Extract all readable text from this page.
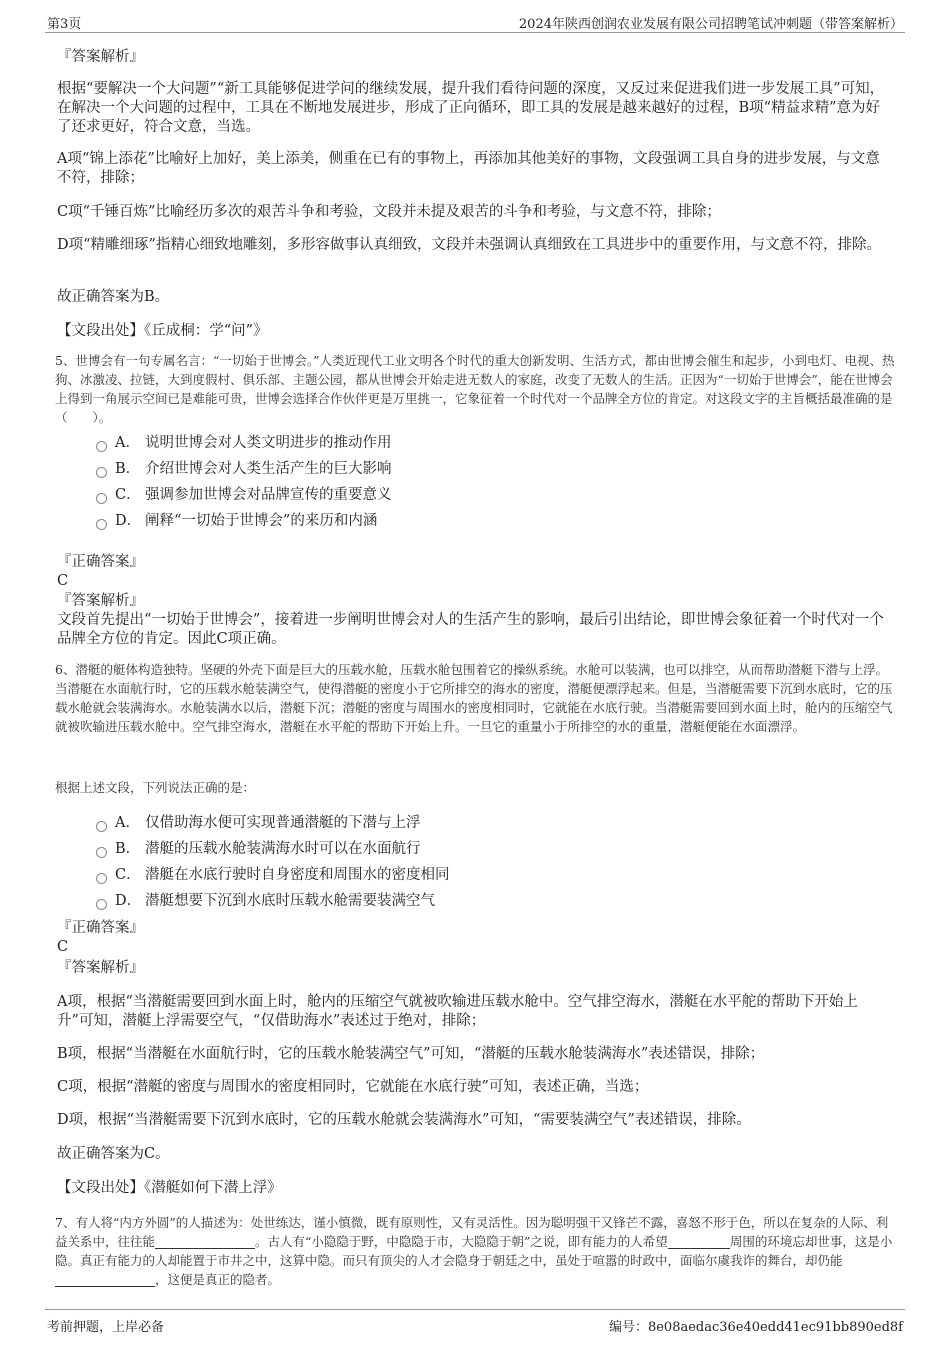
第3页	2024年陕西创润农业发展有限公司招聘笔试冲刺题（带答案解析）
『答案解析』
根据“要解决一个大问题”“新工具能够促进学问的继续发展，提升我们看待问题的深度，又反过来促进我们进一步发展工具”可知，在解决一个大问题的过程中，工具在不断地发展进步，形成了正向循环，即工具的发展是越来越好的过程，B项“精益求精”意为好了还求更好，符合文意，当选。
A项“锦上添花”比喻好上加好，美上添美，侧重在已有的事物上，再添加其他美好的事物，文段强调工具自身的进步发展，与文意不符，排除；
C项“千锤百炼”比喻经历多次的艰苦斗争和考验，文段并未提及艰苦的斗争和考验，与文意不符，排除；
D项“精雕细琢”指精心细致地雕刻，多形容做事认真细致，文段并未强调认真细致在工具进步中的重要作用，与文意不符，排除。
故正确答案为B。
【文段出处】《丘成桐：学“问”》
5、世博会有一句专属名言：“一切始于世博会。”人类近现代工业文明各个时代的重大创新发明、生活方式，都由世博会催生和起步，小到电灯、电视、热狗、冰激凌、拉链，大到度假村、俱乐部、主题公园，都从世博会开始走进无数人的家庭，改变了无数人的生活。正因为“一切始于世博会”，能在世博会上得到一角展示空间已是难能可贵，世博会选择合作伙伴更是万里挑一，它象征着一个时代对一个品牌全方位的肯定。对这段文字的主旨概括最准确的是（　　）。
A． 说明世博会对人类文明进步的推动作用
B． 介绍世博会对人类生活产生的巨大影响
C． 强调参加世博会对品牌宣传的重要意义
D． 阐释“一切始于世博会”的来历和内涵
『正确答案』
C
『答案解析』
文段首先提出“一切始于世博会”，接着进一步阐明世博会对人的生活产生的影响，最后引出结论，即世博会象征着一个时代对一个品牌全方位的肯定。因此C项正确。
6、潜艇的艇体构造独特。坚硬的外壳下面是巨大的压载水舱，压载水舱包围着它的操纵系统。水舱可以装满，也可以排空，从而帮助潜艇下潜与上浮。当潜艇在水面航行时，它的压载水舱装满空气，使得潜艇的密度小于它所排空的海水的密度，潜艇便漂浮起来。但是，当潜艇需要下沉到水底时，它的压载水舱就会装满海水。水舱装满水以后，潜艇下沉；潜艇的密度与周围水的密度相同时，它就能在水底行驶。当潜艇需要回到水面上时，舱内的压缩空气就被吹输进压载水舱中。空气排空海水，潜艇在水平舵的帮助下开始上升。一旦它的重量小于所排空的水的重量，潜艇便能在水面漂浮。
根据上述文段，下列说法正确的是：
A． 仅借助海水便可实现普通潜艇的下潜与上浮
B． 潜艇的压载水舱装满海水时可以在水面航行
C． 潜艇在水底行驶时自身密度和周围水的密度相同
D． 潜艇想要下沉到水底时压载水舱需要装满空气
『正确答案』
C
『答案解析』
A项，根据“当潜艇需要回到水面上时，舱内的压缩空气就被吹输进压载水舱中。空气排空海水，潜艇在水平舵的帮助下开始上升”可知，潜艇上浮需要空气，“仅借助海水”表述过于绝对，排除；
B项，根据“当潜艇在水面航行时，它的压载水舱装满空气”可知，“潜艇的压载水舱装满海水”表述错误，排除；
C项，根据“潜艇的密度与周围水的密度相同时，它就能在水底行驶”可知，表述正确，当选；
D项，根据“当潜艇需要下沉到水底时，它的压载水舱就会装满海水”可知，“需要装满空气”表述错误，排除。
故正确答案为C。
【文段出处】《潜艇如何下潜上浮》
7、有人将“内方外圆”的人描述为：处世练达，谨小慎微，既有原则性，又有灵活性。因为聪明强干又锋芒不露，喜怒不形于色，所以在复杂的人际、利益关系中，往往能	。古人有“小隐隐于野，中隐隐于市，大隐隐于朝”之说，即有能力的人希望	周围的环境忘却世事，这是小隐。真正有能力的人却能置于市井之中，这算中隐。而只有顶尖的人才会隐身于朝廷之中，虽处于喧嚣的时政中，面临尔虞我诈的舞台，却仍能，这便是真正的隐者。
考前押题，上岸必备	编号：8e08aedac36e40edd41ec91bb890ed8f
